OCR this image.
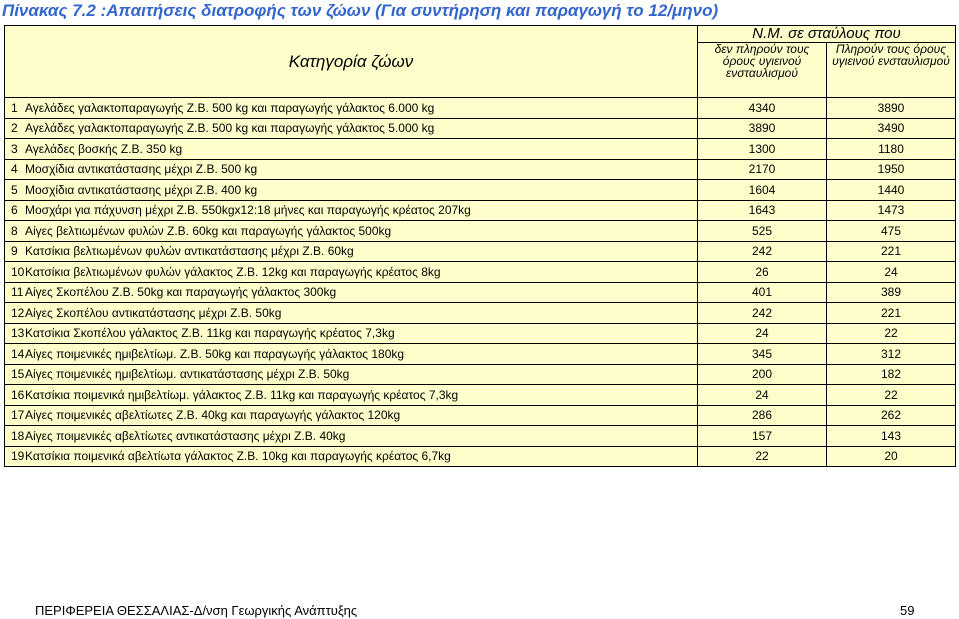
Πίνακας 7.2 :Απαιτήσεις διατροφής των ζώων (Για συντήρηση και παραγωγή το 12/μηνο)
Κατηγορία ζώων	Ν.Μ. σε σταύλους που	
	δεν πληρούν τους όρους υγιεινού ενσταυλισμού	Πληρούν τους όρους υγιεινού ενσταυλισμού
1 Αγελάδες γαλακτοπαραγωγής Ζ.Β. 500 kg και παραγωγής γάλακτος 6.000 kg	4340	3890
2 Αγελάδες γαλακτοπαραγωγής Ζ.Β. 500 kg και παραγωγής γάλακτος 5.000 kg	3890	3490
3 Αγελάδες βοσκής Ζ.Β. 350 kg	1300	1180
4 Μοσχίδια αντικατάστασης μέχρι Ζ.Β. 500 kg	2170	1950
5 Μοσχίδια αντικατάστασης μέχρι Ζ.Β. 400 kg	1604	1440
6 Μοσχάρι για πάχυνση μέχρι Ζ.Β. 550kgx12:18 μήνες και παραγωγής κρέατος 207kg	1643	1473
8 Αίγες βελτιωμένων φυλών Ζ.Β. 60kg και παραγωγής γάλακτος 500kg	525	475
9 Κατσίκια βελτιωμένων φυλών αντικατάστασης μέχρι Ζ.Β. 60kg	242	221
10Κατσίκια βελτιωμένων φυλών γάλακτος Ζ.Β. 12kg και παραγωγής κρέατος 8kg	26	24
11 Αίγες Σκοπέλου Ζ.Β. 50kg και παραγωγής γάλακτος 300kg	401	389
12Αίγες Σκοπέλου αντικατάστασης μέχρι Ζ.Β. 50kg	242	221
13Κατσίκια Σκοπέλου γάλακτος Ζ.Β. 11kg και παραγωγής κρέατος 7,3kg	24	22
14Αίγες ποιμενικές ημιβελτίωμ. Ζ.Β. 50kg και παραγωγής γάλακτος 180kg	345	312
15Αίγες ποιμενικές ημιβελτίωμ. αντικατάστασης μέχρι Ζ.Β. 50kg	200	182
16Κατσίκια ποιμενικά ημιβελτίωμ. γάλακτος Ζ.Β. 11kg και παραγωγής κρέατος 7,3kg	24	22
17Αίγες ποιμενικές αβελτίωτες Ζ.Β. 40kg και παραγωγής γάλακτος 120kg	286	262
18Αίγες ποιμενικές αβελτίωτες αντικατάστασης μέχρι Ζ.Β. 40kg	157	143
19Κατσίκια ποιμενικά αβελτίωτα γάλακτος Ζ.Β. 10kg και παραγωγής κρέατος 6,7kg	22	20
ΠΕΡΙΦΕΡΕΙΑ ΘΕΣΣΑΛΙΑΣ-Δ/νση Γεωργικής Ανάπτυξης	59
